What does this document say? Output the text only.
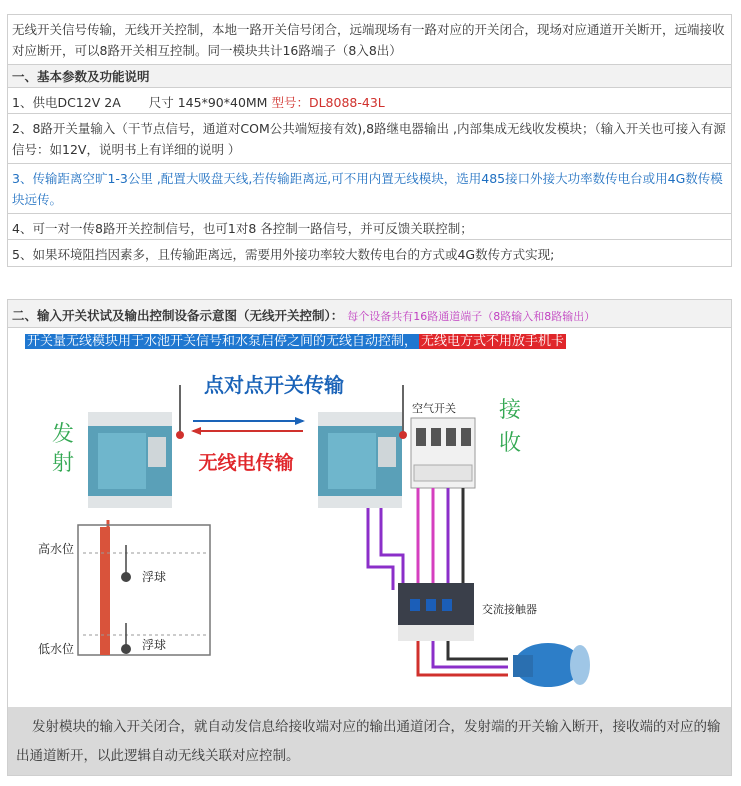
无线开关信号传输，无线开关控制，本地一路开关信号闭合，远端现场有一路对应的开关闭合，现场对应通道开关断开，远端接收对应断开，可以8路开关相互控制。同一模块共计16路端子（8入8出）
一、基本参数及功能说明
1、供电DC12V 2A 尺寸 145*90*40MM 型号：DL8088-43L
2、8路开关量输入（干节点信号，通道对COM公共端短接有效),8路继电器输出 ,内部集成无线收发模块；（输入开关也可接入有源信号：如12V，说明书上有详细的说明 ）
3、传输距离空旷1-3公里 ,配置大吸盘天线,若传输距离远,可不用内置无线模块，选用485接口外接大功率数传电台或用4G数传模块远传。
4、可一对一传8路开关控制信号，也可1对8 各控制一路信号，并可反馈关联控制；
5、如果环境阻挡因素多，且传输距离远，需要用外接功率较大数传电台的方式或4G数传方式实现;
二、输入开关状试及输出控制设备示意图（无线开关控制）： 每个设备共有16路通道端子（8路输入和8路输出）
开关量无线模块用于水池开关信号和水泵启停之间的无线自动控制， 无线电方式不用放手机卡
点对点开关传输
无线电传输
发
射
空气开关 接
收
交流接触器
高水位
低水位
浮球
浮球
发射模块的输入开关闭合，就自动发信息给接收端对应的输出通道闭合，发射端的开关输入断开，接收端的对应的输出通道断开，以此逻辑自动无线关联对应控制。
